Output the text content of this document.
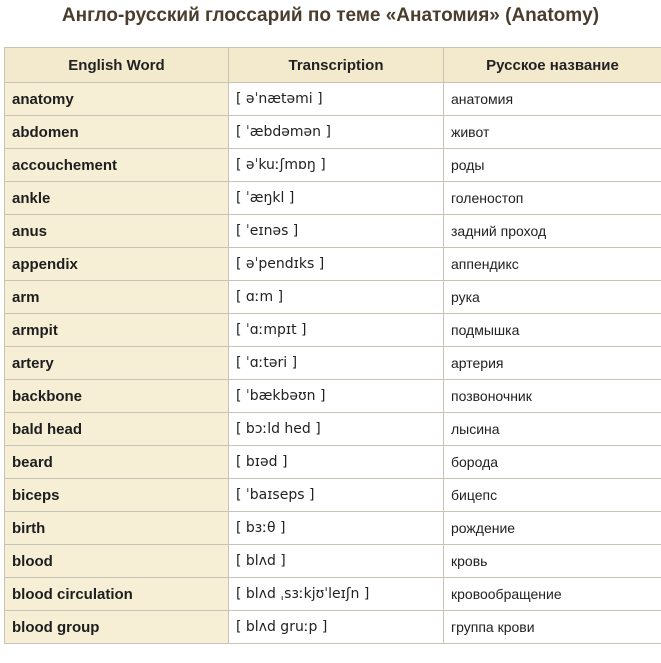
Англо-русский глоссарий по теме «Анатомия» (Anatomy)
English Word	Transcription	Русское название
anatomy	[ əˈnætəmi ]	анатомия
abdomen	[ ˈæbdəmən ]	живот
accouchement	[ əˈkuːʃmɒŋ ]	роды
ankle	[ ˈæŋkl ]	голеностоп
anus	[ ˈeɪnəs ]	задний проход
appendix	[ əˈpendɪks ]	аппендикс
arm	[ ɑːm ]	рука
armpit	[ ˈɑːmpɪt ]	подмышка
artery	[ ˈɑːtəri ]	артерия
backbone	[ ˈbækbəʊn ]	позвоночник
bald head	[ bɔːld hed ]	лысина
beard	[ bɪəd ]	борода
biceps	[ ˈbaɪseps ]	бицепс
birth	[ bɜːθ ]	рождение
blood	[ blʌd ]	кровь
blood circulation	[ blʌd ˌsɜːkjʊˈleɪʃn ]	кровообращение
blood group	[ blʌd gruːp ]	группа крови
